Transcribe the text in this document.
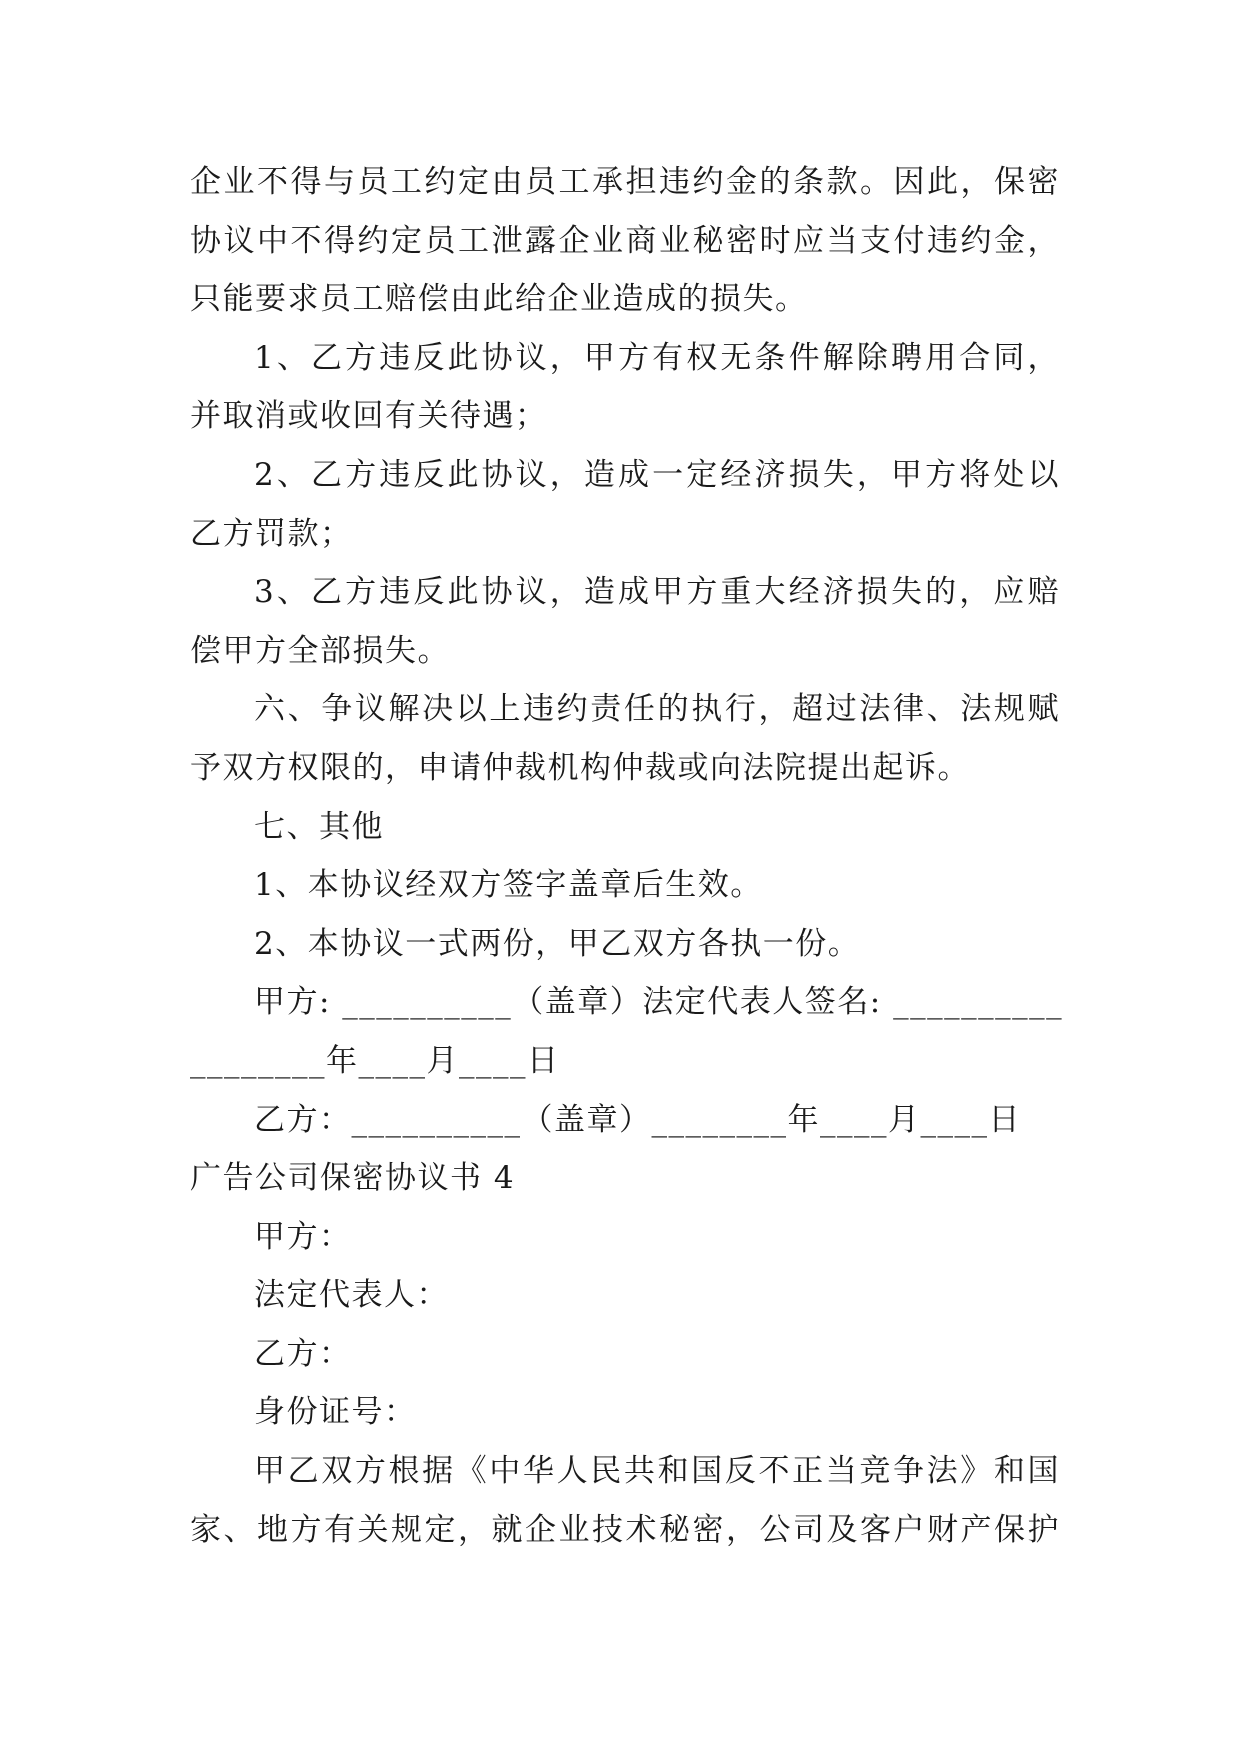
企业不得与员工约定由员工承担违约金的条款。因此，保密
协议中不得约定员工泄露企业商业秘密时应当支付违约金，
只能要求员工赔偿由此给企业造成的损失。
1、乙方违反此协议，甲方有权无条件解除聘用合同，
并取消或收回有关待遇；
2、乙方违反此协议，造成一定经济损失，甲方将处以
乙方罚款；
3、乙方违反此协议，造成甲方重大经济损失的，应赔
偿甲方全部损失。
六、争议解决以上违约责任的执行，超过法律、法规赋
予双方权限的，申请仲裁机构仲裁或向法院提出起诉。
七、其他
1、本协议经双方签字盖章后生效。
2、本协议一式两份，甲乙双方各执一份。
甲方: __________（盖章）法定代表人签名: __________
________年____月____日
乙方：__________（盖章）________年____月____日
广告公司保密协议书 4
甲方：
法定代表人：
乙方：
身份证号：
甲乙双方根据《中华人民共和国反不正当竞争法》和国
家、地方有关规定，就企业技术秘密，公司及客户财产保护
